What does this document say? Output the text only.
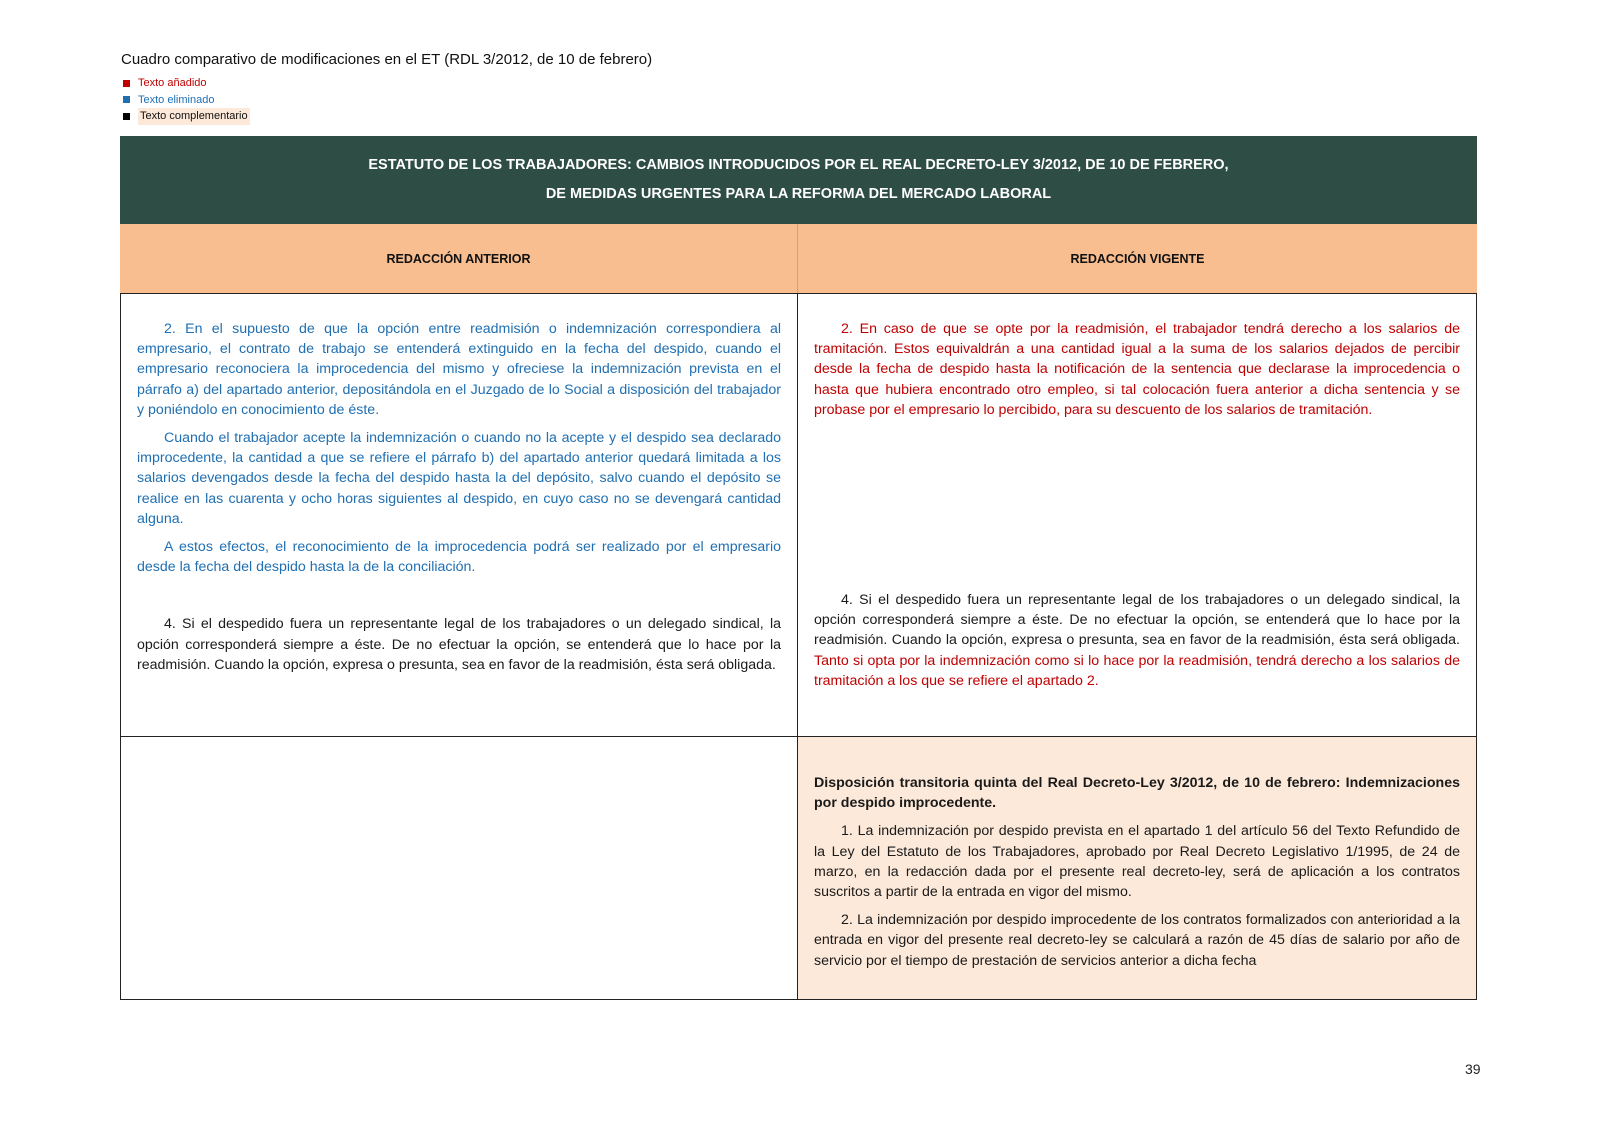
Cuadro comparativo de modificaciones en el ET (RDL 3/2012, de 10 de febrero)
Texto añadido
Texto eliminado
Texto complementario
ESTATUTO DE LOS TRABAJADORES: CAMBIOS INTRODUCIDOS POR EL REAL DECRETO-LEY 3/2012, DE 10 DE FEBRERO,
DE MEDIDAS URGENTES PARA LA REFORMA DEL MERCADO LABORAL
REDACCIÓN ANTERIOR	REDACCIÓN VIGENTE

2. En el supuesto de que la opción entre readmisión o indemnización correspondiera al empresario, el contrato de trabajo se entenderá extinguido en la fecha del despido, cuando el empresario reconociera la improcedencia del mismo y ofreciese la indemnización prevista en el párrafo a) del apartado anterior, depositándola en el Juzgado de lo Social a disposición del trabajador y poniéndolo en conocimiento de éste.

Cuando el trabajador acepte la indemnización o cuando no la acepte y el despido sea declarado improcedente, la cantidad a que se refiere el párrafo b) del apartado anterior quedará limitada a los salarios devengados desde la fecha del despido hasta la del depósito, salvo cuando el depósito se realice en las cuarenta y ocho horas siguientes al despido, en cuyo caso no se devengará cantidad alguna.

A estos efectos, el reconocimiento de la improcedencia podrá ser realizado por el empresario desde la fecha del despido hasta la de la conciliación.

4. Si el despedido fuera un representante legal de los trabajadores o un delegado sindical, la opción corresponderá siempre a éste. De no efectuar la opción, se entenderá que lo hace por la readmisión. Cuando la opción, expresa o presunta, sea en favor de la readmisión, ésta será obligada.

2. En caso de que se opte por la readmisión, el trabajador tendrá derecho a los salarios de tramitación. Estos equivaldrán a una cantidad igual a la suma de los salarios dejados de percibir desde la fecha de despido hasta la notificación de la sentencia que declarase la improcedencia o hasta que hubiera encontrado otro empleo, si tal colocación fuera anterior a dicha sentencia y se probase por el empresario lo percibido, para su descuento de los salarios de tramitación.

4. Si el despedido fuera un representante legal de los trabajadores o un delegado sindical, la opción corresponderá siempre a éste. De no efectuar la opción, se entenderá que lo hace por la readmisión. Cuando la opción, expresa o presunta, sea en favor de la readmisión, ésta será obligada. Tanto si opta por la indemnización como si lo hace por la readmisión, tendrá derecho a los salarios de tramitación a los que se refiere el apartado 2.

Disposición transitoria quinta del Real Decreto-Ley 3/2012, de 10 de febrero: Indemnizaciones por despido improcedente.

1. La indemnización por despido prevista en el apartado 1 del artículo 56 del Texto Refundido de la Ley del Estatuto de los Trabajadores, aprobado por Real Decreto Legislativo 1/1995, de 24 de marzo, en la redacción dada por el presente real decreto-ley, será de aplicación a los contratos suscritos a partir de la entrada en vigor del mismo.

2. La indemnización por despido improcedente de los contratos formalizados con anterioridad a la entrada en vigor del presente real decreto-ley se calculará a razón de 45 días de salario por año de servicio por el tiempo de prestación de servicios anterior a dicha fecha

39
